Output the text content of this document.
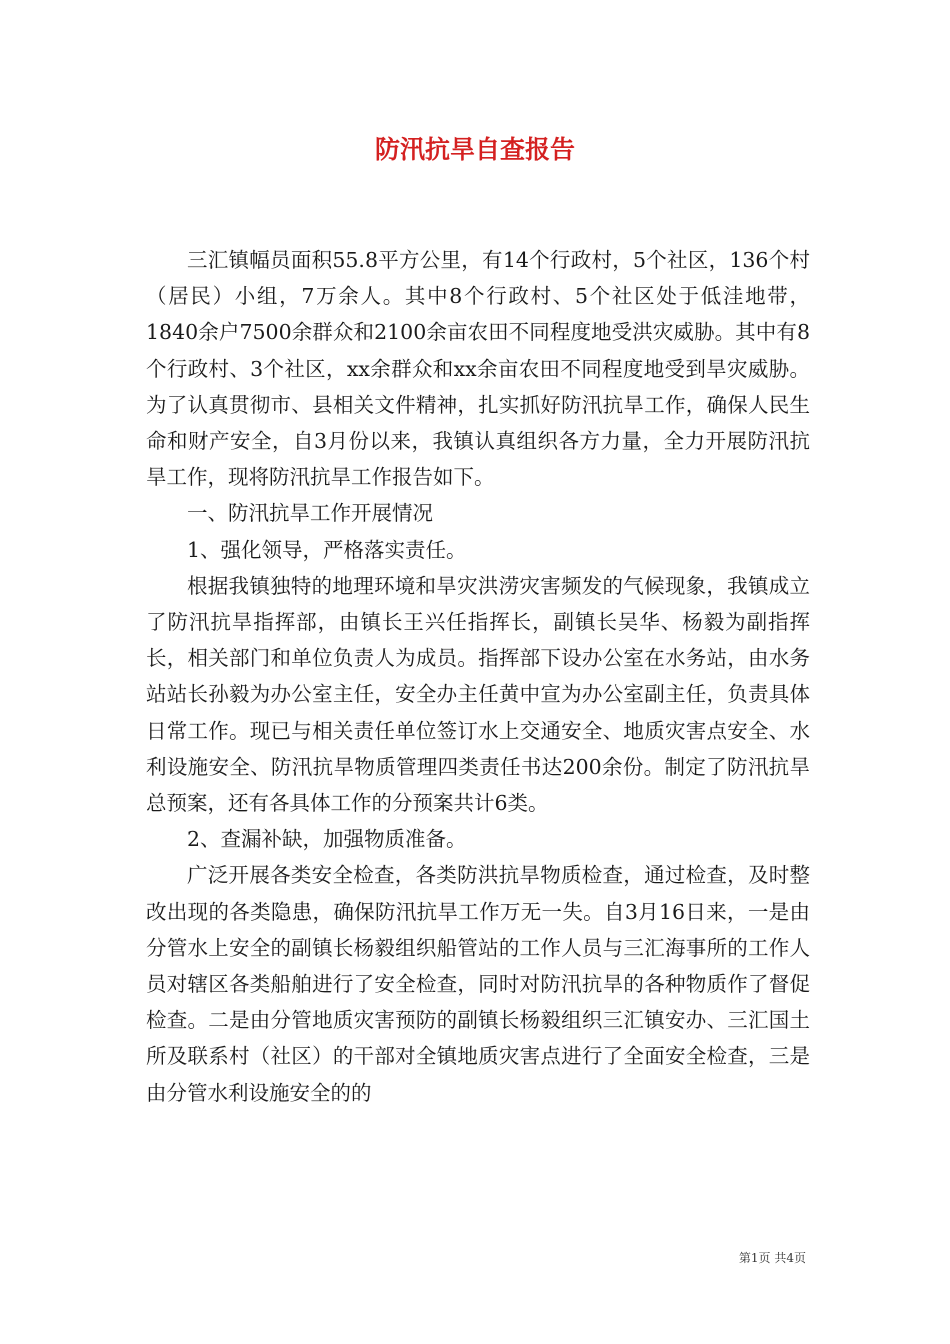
防汛抗旱自查报告

三汇镇幅员面积55.8平方公里，有14个行政村，5个社区，136个村（居民）小组，7万余人。其中8个行政村、5个社区处于低洼地带，1840余户7500余群众和2100余亩农田不同程度地受洪灾威胁。其中有8个行政村、3个社区，xx余群众和xx余亩农田不同程度地受到旱灾威胁。为了认真贯彻市、县相关文件精神，扎实抓好防汛抗旱工作，确保人民生命和财产安全，自3月份以来，我镇认真组织各方力量，全力开展防汛抗旱工作，现将防汛抗旱工作报告如下。

一、防汛抗旱工作开展情况

1、强化领导，严格落实责任。

根据我镇独特的地理环境和旱灾洪涝灾害频发的气候现象，我镇成立了防汛抗旱指挥部，由镇长王兴任指挥长，副镇长吴华、杨毅为副指挥长，相关部门和单位负责人为成员。指挥部下设办公室在水务站，由水务站站长孙毅为办公室主任，安全办主任黄中宣为办公室副主任，负责具体日常工作。现已与相关责任单位签订水上交通安全、地质灾害点安全、水利设施安全、防汛抗旱物质管理四类责任书达200余份。制定了防汛抗旱总预案，还有各具体工作的分预案共计6类。

2、查漏补缺，加强物质准备。

广泛开展各类安全检查，各类防洪抗旱物质检查，通过检查，及时整改出现的各类隐患，确保防汛抗旱工作万无一失。自3月16日来，一是由分管水上安全的副镇长杨毅组织船管站的工作人员与三汇海事所的工作人员对辖区各类船舶进行了安全检查，同时对防汛抗旱的各种物质作了督促检查。二是由分管地质灾害预防的副镇长杨毅组织三汇镇安办、三汇国土所及联系村（社区）的干部对全镇地质灾害点进行了全面安全检查，三是由分管水利设施安全的的

第1页 共4页
